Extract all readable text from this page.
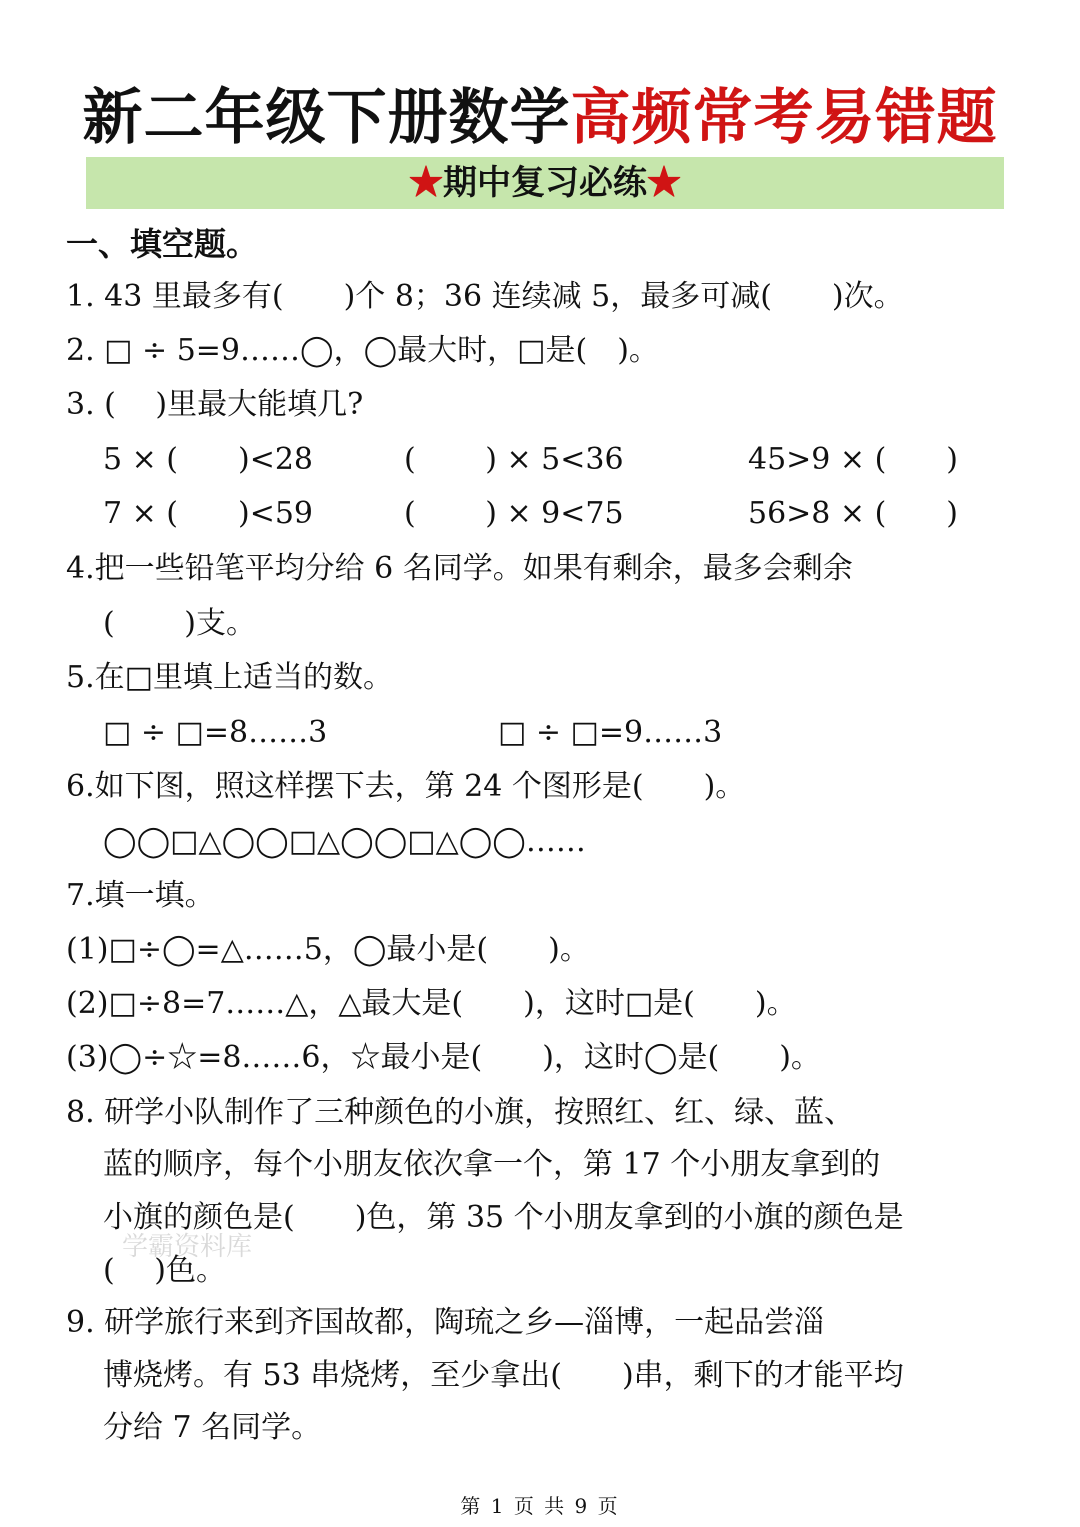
新二年级下册数学高频常考易错题
★期中复习必练★
一、填空题。
1. 43 里最多有(　　)个 8；36 连续减 5，最多可减(　　)次。
2. □ ÷ 5=9……◯，◯最大时，□是(　)。
3. (　 )里最大能填几?
5 × (　　)<28	(　　 ) × 5<36	45>9 × (　　)
7 × (　　)<59	(　　 ) × 9<75	56>8 × (　　)
4.把一些铅笔平均分给 6 名同学。如果有剩余，最多会剩余
(　　 )支。
5.在□里填上适当的数。
□ ÷ □=8……3	□ ÷ □=9……3
6.如下图，照这样摆下去，第 24 个图形是(　　)。
◯◯□△◯◯□△◯◯□△◯◯……
7.填一填。
(1)□÷◯=△……5，◯最小是(　　)。
(2)□÷8=7……△，△最大是(　　)，这时□是(　　)。
(3)◯÷☆=8……6，☆最小是(　　)，这时◯是(　　)。
8. 研学小队制作了三种颜色的小旗，按照红、红、绿、蓝、
蓝的顺序，每个小朋友依次拿一个，第 17 个小朋友拿到的
小旗的颜色是(　　)色，第 35 个小朋友拿到的小旗的颜色是
(　 )色。
学霸资料库
9. 研学旅行来到齐国故都，陶琉之乡—淄博，一起品尝淄
博烧烤。有 53 串烧烤，至少拿出(　　)串，剩下的才能平均
分给 7 名同学。
第 1 页 共 9 页
